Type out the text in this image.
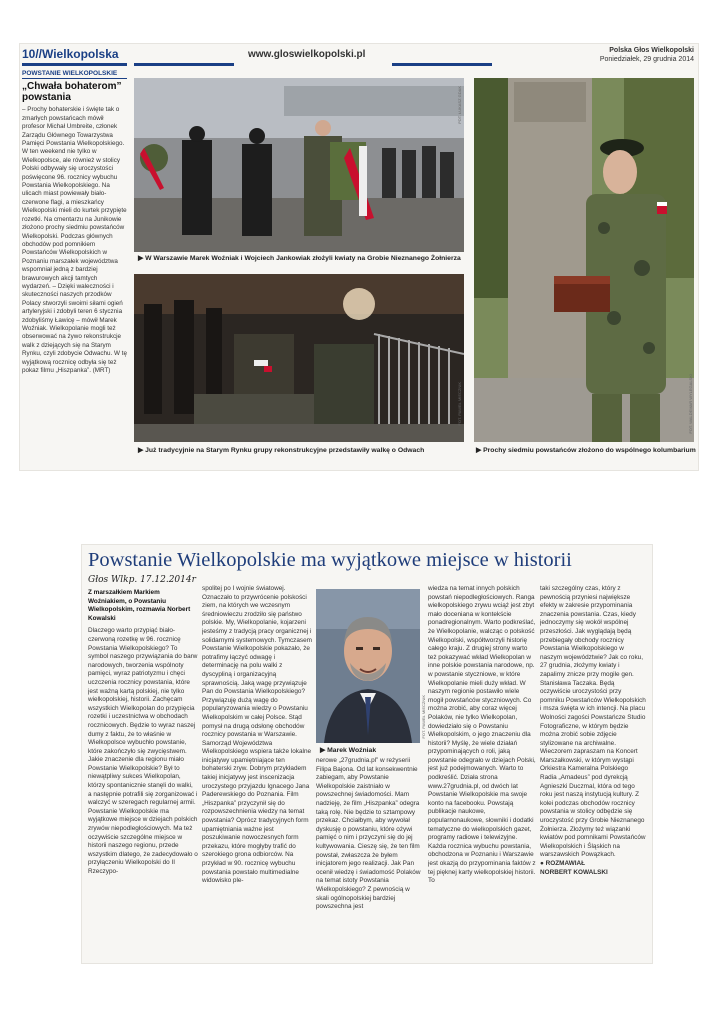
10// Wielkopolska	www.gloswielkopolski.pl	Polska Głos Wielkopolski
Poniedziałek, 29 grudnia 2014
POWSTANIE WIELKOPOLSKIE
„Chwała bohaterom” powstania
– Prochy bohaterskie i święte tak o zmarłych powstańcach mówił profesor Michał Umbreite, członek Zarządu Głównego Towarzystwa Pamięci Powstania Wielkopolskiego. W ten weekend nie tylko w Wielkopolsce, ale również w stolicy Polski odbywały się uroczystości poświęcone 96. rocznicy wybuchu Powstania Wielkopolskiego. Na ulicach miast powiewały biało-czerwone flagi, a mieszkańcy Wielkopolski mieli do kurtek przypięte rozetki. Na cmentarzu na Junikowie złożono prochy siedmiu powstańców Wielkopolski. Podczas głównych obchodów pod pomnikiem Powstańców Wielkopolskich w Poznaniu marszałek województwa wspomniał jedną z bardziej brawurowych akcji tamtych wydarzeń. – Dzięki waleczności i skuteczności naszych przodków Polacy stworzyli swoimi siłami ogień artyleryjski i zdobyli teren 6 stycznia zdobyliśmy Ławicę – mówił Marek Woźniak. Wielkopolanie mogli też obserwować na żywo rekonstrukcje walk z dziejących się na Starym Rynku, czyli zdobycie Odwachu. W tę wyjątkową rocznicę odbyła się też pokaz filmu „Hiszpanka”. (MRT)
▶ W Warszawie Marek Woźniak i Wojciech Jankowiak złożyli kwiaty na Grobie Nieznanego Żołnierza
FOT. ŁUKASZ GDAK
▶ Już tradycyjnie na Starym Rynku grupy rekonstrukcyjne przedstawiły walkę o Odwach
FOT. PAWEŁ MIECZNIK
▶ Prochy siedmiu powstańców złożono do wspólnego kolumbarium
FOT. WALDEMAR WYLEGALSKI
Powstanie Wielkopolskie ma wyjątkowe miejsce w historii
Głos Wlkp. 17.12.2014r
Z marszałkiem Markiem Woźniakiem, o Powstaniu Wielkopolskim, rozmawia Norbert Kowalski
Dlaczego warto przypiąć biało-czerwoną rozetkę w 96. rocznicę Powstania Wielkopolskiego? To symbol naszego przywiązania do barw narodowych, tworzenia wspólnoty pamięci, wyraz patriotyzmu i chęci uczczenia rocznicy powstania, które jest ważną kartą polskiej, nie tylko wielkopolskiej, historii. Zachęcam wszystkich Wielkopolan do przypięcia rozetki i uczestnictwa w obchodach rocznicowych. Będzie to wyraz naszej dumy z faktu, że to właśnie w Wielkopolsce wybuchło powstanie, które zakończyło się zwycięstwem. Jakie znaczenie dla regionu miało Powstanie Wielkopolskie? Był to niewątpliwy sukces Wielkopolan, którzy spontanicznie stanęli do walki, a następnie potrafili się zorganizować i walczyć w szeregach regularnej armii. Powstanie Wielkopolskie ma wyjątkowe miejsce w dziejach polskich zrywów niepodległościowych. Ma też oczywiście szczególne miejsce w historii naszego regionu, przede wszystkim dlatego, że zadecydowało o przyłączeniu Wielkopolski do II Rzeczypo-
spolitej po I wojnie światowej. Oznaczało to przywrócenie polskości ziem, na których we wczesnym średniowieczu zrodziło się państwo polskie. My, Wielkopolanie, kojarzeni jesteśmy z tradycją pracy organicznej i solidarnymi systemowych. Tymczasem Powstanie Wielkopolskie pokazało, że potrafimy łączyć odwagę i determinację na polu walki z dyscypliną i organizacyjną sprawnością. Jaką wagę przywiązuje Pan do Powstania Wielkopolskiego? Przywiązuję dużą wagę do popularyzowania wiedzy o Powstaniu Wielkopolskim w całej Polsce. Stąd pomysł na drugą odsłonę obchodów rocznicy powstania w Warszawie. Samorząd Województwa Wielkopolskiego wspiera także lokalne inicjatywy upamiętniające ten bohaterski zryw. Dobrym przykładem takiej inicjatywy jest inscenizacja uroczystego przyjazdu Ignacego Jana Paderewskiego do Poznania. Film „Hiszpanka” przyczynił się do rozpowszechnienia wiedzy na temat powstania? Oprócz tradycyjnych form upamiętniania ważne jest poszukiwanie nowoczesnych form przekazu, które mogłyby trafić do szerokiego grona odbiorców. Na przykład w 90. rocznicę wybuchu powstania powstało multimedialne widowisko ple-
▶ Marek Woźniak
FOT. PAWEŁ MIECZNIK
nerowe „27grudnia.pl” w reżyserii Filipa Bajona. Od lat konsekwentnie zabiegam, aby Powstanie Wielkopolskie zaistniało w powszechnej świadomości. Mam nadzieję, że film „Hiszpanka” odegra taką rolę. Nie będzie to sztampowy przekaz. Chciałbym, aby wywołał dyskusję o powstaniu, które ożywi pamięć o nim i przyczyni się do jej kultywowania. Cieszę się, że ten film powstał, zwłaszcza że byłem inicjatorem jego realizacji. Jak Pan ocenił wiedzę i świadomość Polaków na temat istoty Powstania Wielkopolskiego? Z pewnością w skali ogólnopolskiej bardziej powszechna jest
wiedza na temat innych polskich powstań niepodległościowych. Ranga wielkopolskiego zrywu wciąż jest zbyt mało doceniana w kontekście ponadregionalnym. Warto podkreślać, że Wielkopolanie, walcząc o polskość Wielkopolski, współtworzyli historię całego kraju. Z drugiej strony warto też pokazywać wkład Wielkopolan w inne polskie powstania narodowe, np. w powstanie styczniowe, w które Wielkopolanie mieli duży wkład. W naszym regionie postawiło wiele mogił powstańców styczniowych. Co można zrobić, aby coraz więcej Polaków, nie tylko Wielkopolan, dowiedziało się o Powstaniu Wielkopolskim, o jego znaczeniu dla historii? Myślę, że wiele działań przypominających o roli, jaką powstanie odegrało w dziejach Polski, jest już podejmowanych. Warto to podkreślić. Działa strona www.27grudnia.pl, od dwóch lat Powstanie Wielkopolskie ma swoje konto na facebooku. Powstają publikacje naukowe, popularnonaukowe, słowniki i dodatki tematyczne do wielkopolskich gazet, programy radiowe i telewizyjne. Każda rocznica wybuchu powstania, obchodzona w Poznaniu i Warszawie jest okazją do przypominania faktów z tej pięknej karty wielkopolskiej historii. To
taki szczególny czas, który z pewnością przyniesi największe efekty w zakresie przypominania znaczenia powstania. Czas, kiedy jednoczymy się wokół wspólnej przeszłości. Jak wyglądają będą przebiegały obchody rocznicy Powstania Wielkopolskiego w naszym województwie? Jak co roku, 27 grudnia, złożymy kwiaty i zapalimy znicze przy mogile gen. Stanisława Taczaka. Będą oczywiście uroczystości przy pomniku Powstańców Wielkopolskich i msza święta w ich intencji. Na placu Wolności zagości Powstańcze Studio Fotograficzne, w którym będzie można zrobić sobie zdjęcie stylizowane na archiwalne. Wieczorem zapraszam na Koncert Marszałkowski, w którym wystąpi Orkiestra Kameralna Polskiego Radia „Amadeus” pod dyrekcją Agnieszki Duczmal, która od tego roku jest naszą instytucją kultury. Z kolei podczas obchodów rocznicy powstania w stolicy odbędzie się uroczystość przy Grobie Nieznanego Żołnierza. Złożymy też wiązanki kwiatów pod pomnikami Powstańców Wielkopolskich i Śląskich na warszawskich Powązkach.
● ROZMAWIAŁ
NORBERT KOWALSKI
